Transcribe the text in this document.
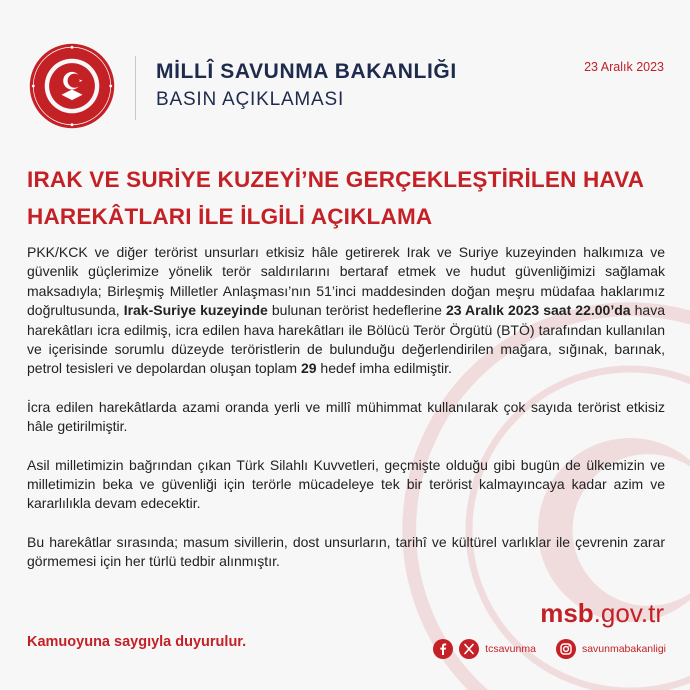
MİLLÎ SAVUNMA BAKANLIĞI
BASIN AÇIKLAMASI
23 Aralık 2023
IRAK VE SURİYE KUZEYİ’NE GERÇEKLEŞTİRİLEN HAVA
HAREKÂTLARI İLE İLGİLİ AÇIKLAMA

PKK/KCK ve diğer terörist unsurları etkisiz hâle getirerek Irak ve Suriye kuzeyinden halkımıza ve güvenlik güçlerimize yönelik terör saldırılarını bertaraf etmek ve hudut güvenliğimizi sağlamak maksadıyla; Birleşmiş Milletler Anlaşması’nın 51’inci maddesinden doğan meşru müdafaa haklarımız doğrultusunda, Irak-Suriye kuzeyinde bulunan terörist hedeflerine 23 Aralık 2023 saat 22.00’da hava harekâtları icra edilmiş, icra edilen hava harekâtları ile Bölücü Terör Örgütü (BTÖ) tarafından kullanılan ve içerisinde sorumlu düzeyde teröristlerin de bulunduğu değerlendirilen mağara, sığınak, barınak, petrol tesisleri ve depolardan oluşan toplam 29 hedef imha edilmiştir.

İcra edilen harekâtlarda azami oranda yerli ve millî mühimmat kullanılarak çok sayıda terörist etkisiz hâle getirilmiştir.

Asil milletimizin bağrından çıkan Türk Silahlı Kuvvetleri, geçmişte olduğu gibi bugün de ülkemizin ve milletimizin beka ve güvenliği için terörle mücadeleye tek bir terörist kalmayıncaya kadar azim ve kararlılıkla devam edecektir.

Bu harekâtlar sırasında; masum sivillerin, dost unsurların, tarihî ve kültürel varlıklar ile çevrenin zarar görmemesi için her türlü tedbir alınmıştır.

Kamuoyuna saygıyla duyurulur.
msb.gov.tr
tcsavunma	savunmabakanligi
